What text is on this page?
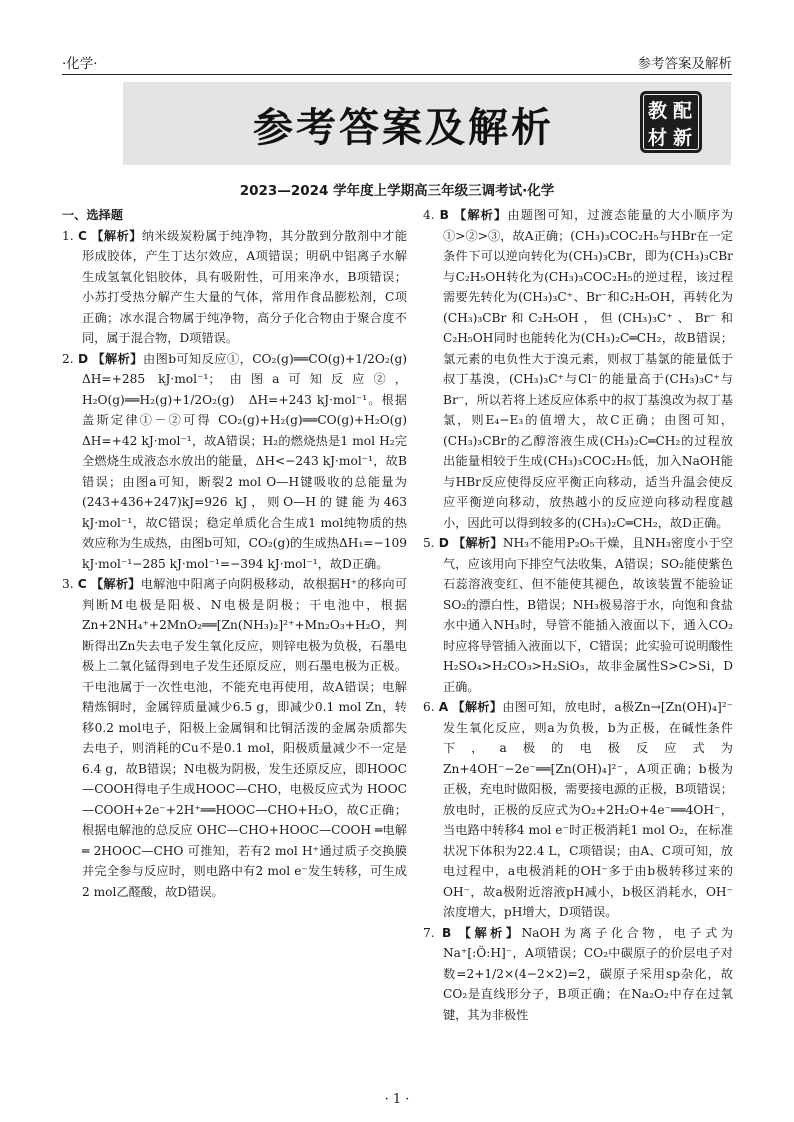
·化学·	参考答案及解析
参考答案及解析	教 配
材 新
2023—2024 学年度上学期高三年级三调考试·化学
一、选择题
1. C 【解析】纳米级炭粉属于纯净物，其分散到分散剂中才能形成胶体，产生丁达尔效应，A项错误；明矾中铝离子水解生成氢氧化铝胶体，具有吸附性，可用来净水，B项错误；小苏打受热分解产生大量的气体，常用作食品膨松剂，C项正确；冰水混合物属于纯净物，高分子化合物由于聚合度不同，属于混合物，D项错误。
2. D 【解析】由图b可知反应①，CO₂(g)══CO(g)+1/2O₂(g)　ΔH=+285 kJ·mol⁻¹；由图a可知反应②，H₂O(g)══H₂(g)+1/2O₂(g)　ΔH=+243 kJ·mol⁻¹。根据盖斯定律①－②可得 CO₂(g)+H₂(g)══CO(g)+H₂O(g)　ΔH=+42 kJ·mol⁻¹，故A错误；H₂的燃烧热是1 mol H₂完全燃烧生成液态水放出的能量，ΔH<−243 kJ·mol⁻¹，故B错误；由图a可知，断裂2 mol O—H键吸收的总能量为(243+436+247)kJ=926 kJ，则O—H的键能为463 kJ·mol⁻¹，故C错误；稳定单质化合生成1 mol纯物质的热效应称为生成热，由图b可知，CO₂(g)的生成热ΔH₁=−109 kJ·mol⁻¹−285 kJ·mol⁻¹=−394 kJ·mol⁻¹，故D正确。
3. C 【解析】电解池中阳离子向阴极移动，故根据H⁺的移向可判断M电极是阳极、N电极是阴极；干电池中，根据 Zn+2NH₄⁺+2MnO₂══[Zn(NH₃)₂]²⁺+Mn₂O₃+H₂O，判断得出Zn失去电子发生氧化反应，则锌电极为负极，石墨电极上二氧化锰得到电子发生还原反应，则石墨电极为正极。干电池属于一次性电池，不能充电再使用，故A错误；电解精炼铜时，金属锌质量减少6.5 g，即减少0.1 mol Zn，转移0.2 mol电子，阳极上金属铜和比铜活泼的金属杂质都失去电子，则消耗的Cu不是0.1 mol，阳极质量减少不一定是6.4 g，故B错误；N电极为阴极，发生还原反应，即HOOC—COOH得电子生成HOOC—CHO，电极反应式为 HOOC—COOH+2e⁻+2H⁺══HOOC—CHO+H₂O，故C正确；根据电解池的总反应 OHC—CHO+HOOC—COOH ═电解═ 2HOOC—CHO 可推知，若有2 mol H⁺通过质子交换膜并完全参与反应时，则电路中有2 mol e⁻发生转移，可生成2 mol乙醛酸，故D错误。
4. B 【解析】由题图可知，过渡态能量的大小顺序为①>②>③，故A正确；(CH₃)₃COC₂H₅与HBr在一定条件下可以逆向转化为(CH₃)₃CBr，即为(CH₃)₃CBr与C₂H₅OH转化为(CH₃)₃COC₂H₅的逆过程，该过程需要先转化为(CH₃)₃C⁺、Br⁻和C₂H₅OH，再转化为(CH₃)₃CBr和C₂H₅OH，但(CH₃)₃C⁺、Br⁻和C₂H₅OH同时也能转化为(CH₃)₂C═CH₂，故B错误；氯元素的电负性大于溴元素，则叔丁基氯的能量低于叔丁基溴，(CH₃)₃C⁺与Cl⁻的能量高于(CH₃)₃C⁺与Br⁻，所以若将上述反应体系中的叔丁基溴改为叔丁基氯，则E₄−E₃的值增大，故C正确；由图可知，(CH₃)₃CBr的乙醇溶液生成(CH₃)₂C═CH₂的过程放出能量相较于生成(CH₃)₃COC₂H₅低，加入NaOH能与HBr反应使得反应平衡正向移动，适当升温会使反应平衡逆向移动，放热越小的反应逆向移动程度越小，因此可以得到较多的(CH₃)₂C═CH₂，故D正确。
5. D 【解析】NH₃不能用P₂O₅干燥，且NH₃密度小于空气，应该用向下排空气法收集，A错误；SO₂能使紫色石蕊溶液变红、但不能使其褪色，故该装置不能验证SO₂的漂白性，B错误；NH₃极易溶于水，向饱和食盐水中通入NH₃时，导管不能插入液面以下，通入CO₂时应将导管插入液面以下，C错误；此实验可说明酸性H₂SO₄>H₂CO₃>H₂SiO₃，故非金属性S>C>Si，D正确。
6. A 【解析】由图可知，放电时，a极Zn→[Zn(OH)₄]²⁻发生氧化反应，则a为负极，b为正极，在碱性条件下，a极的电极反应式为 Zn+4OH⁻−2e⁻══[Zn(OH)₄]²⁻，A项正确；b极为正极，充电时做阳极，需要接电源的正极，B项错误；放电时，正极的反应式为O₂+2H₂O+4e⁻══4OH⁻，当电路中转移4 mol e⁻时正极消耗1 mol O₂，在标准状况下体积为22.4 L，C项错误；由A、C项可知，放电过程中，a电极消耗的OH⁻多于由b极转移过来的OH⁻，故a极附近溶液pH减小，b极区消耗水，OH⁻浓度增大，pH增大，D项错误。
7. B 【解析】NaOH为离子化合物，电子式为Na⁺[:Ö:H]⁻，A项错误；CO₂中碳原子的价层电子对数=2+1/2×(4−2×2)=2，碳原子采用sp杂化，故CO₂是直线形分子，B项正确；在Na₂O₂中存在过氧键，其为非极性
· 1 ·
